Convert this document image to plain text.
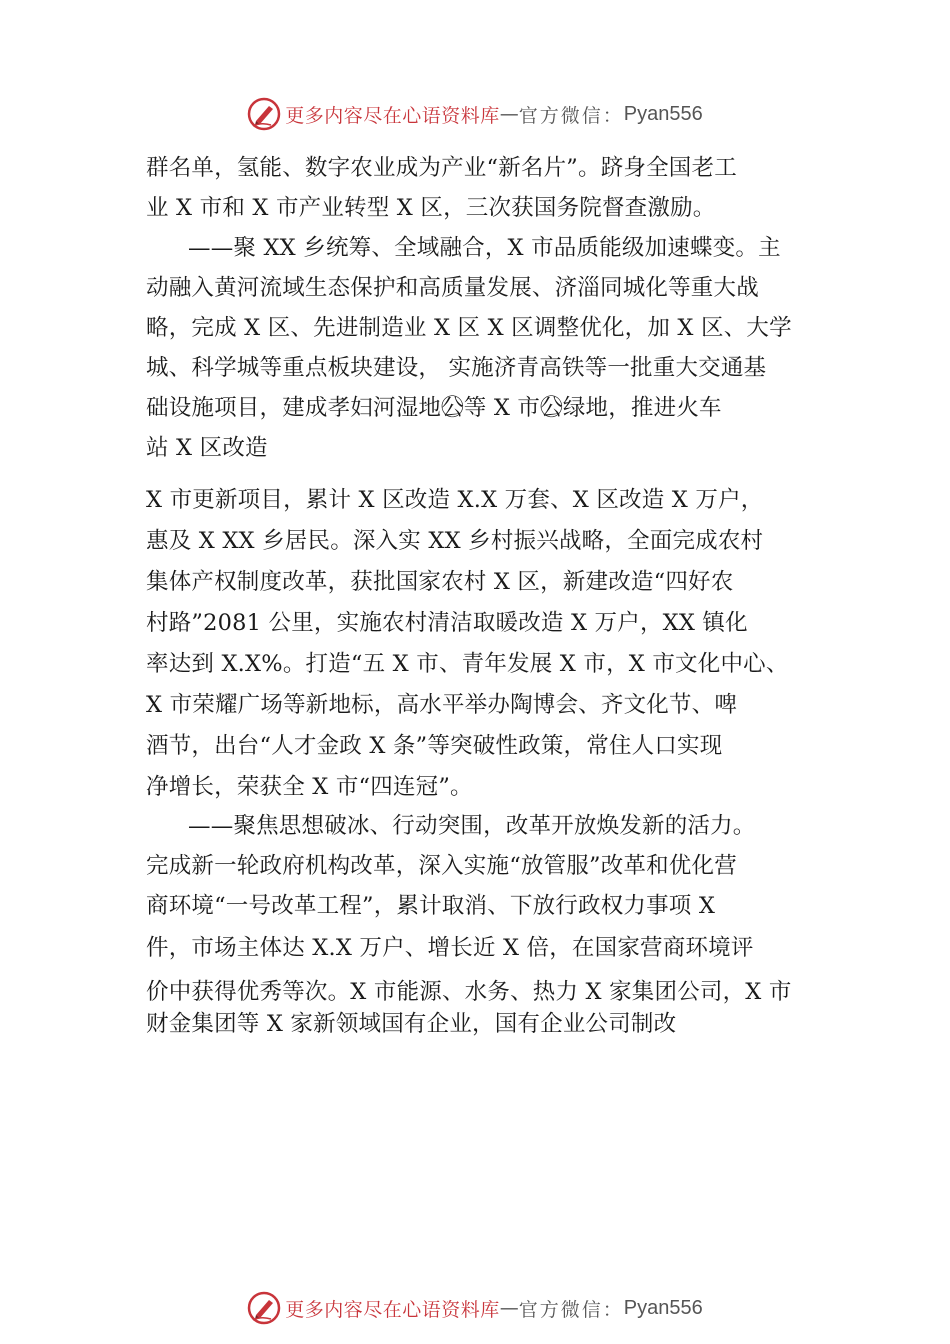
更多内容尽在心语资料库 — 官方微信： Pyan556
群名单，氢能、数字农业成为产业“新名片”。跻身全国老工
业 X 市和 X 市产业转型 X 区，三次获国务院督查激励。
——聚 XX 乡统筹、全域融合，X 市品质能级加速蝶变。主
动融入黄河流域生态保护和高质量发展、济淄同城化等重大战
略，完成 X 区、先进制造业 X 区 X 区调整优化，加 X 区、大学
城、科学城等重点板块建设， 实施济青高铁等一批重大交通基
础设施项目，建成孝妇河湿地公⃝等 X 市公⃝绿地，推进火车
站 X 区改造
X 市更新项目，累计 X 区改造 X.X 万套、X 区改造 X 万户，
惠及 X XX 乡居民。深入实 XX 乡村振兴战略，全面完成农村
集体产权制度改革，获批国家农村 X 区，新建改造“四好农
村路”2081 公里，实施农村清洁取暖改造 X 万户，XX 镇化
率达到 X.X%。打造“五 X 市、青年发展 X 市，X 市文化中心、
X 市荣耀广场等新地标，高水平举办陶博会、齐文化节、啤
酒节，出台“人才金政 X 条”等突破性政策，常住人口实现
净增长，荣获全 X 市“四连冠”。
——聚焦思想破冰、行动突围，改革开放焕发新的活力。
完成新一轮政府机构改革，深入实施“放管服”改革和优化营
商环境“一号改革工程”，累计取消、下放行政权力事项 X
件，市场主体达 X.X 万户、增长近 X 倍，在国家营商环境评
价中获得优秀等次。X 市能源、水务、热力 X 家集团公司，X 市
财金集团等 X 家新领域国有企业，国有企业公司制改
更多内容尽在心语资料库 — 官方微信： Pyan556
